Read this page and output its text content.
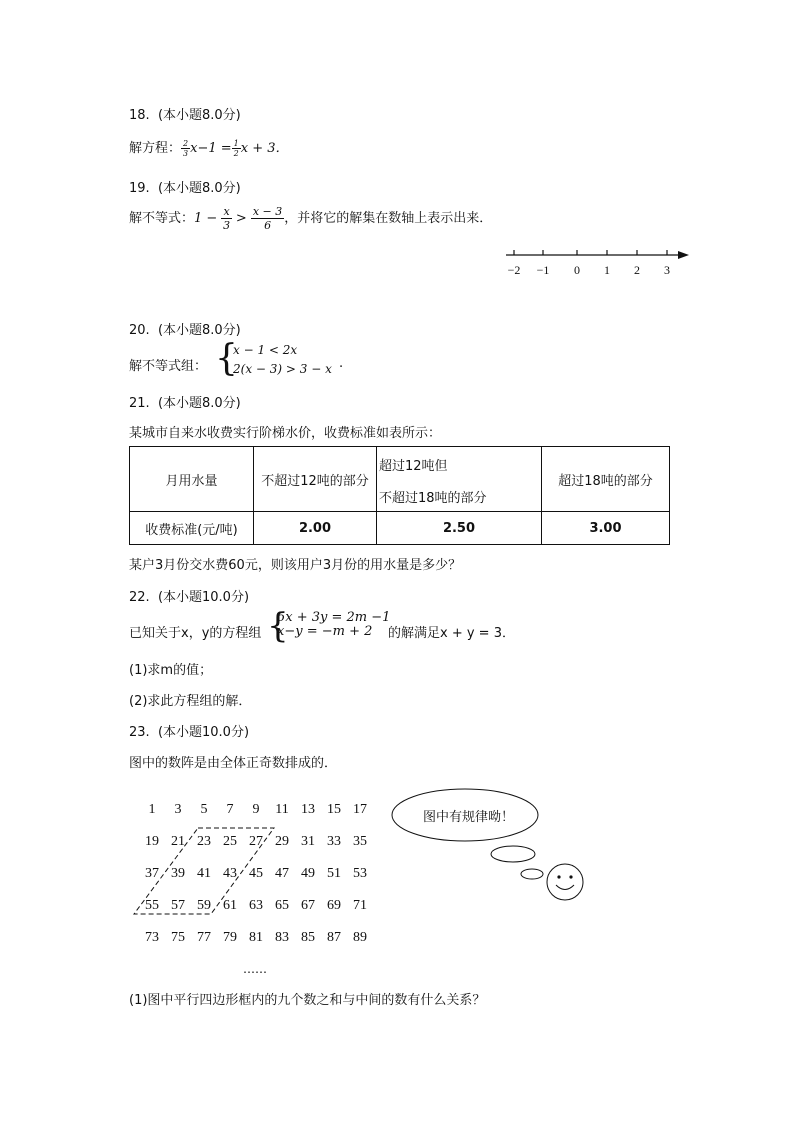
18.  (本小题8.0分)
解方程： $\frac{2}{3} x-1 = \frac{1}{2}$ x + 3．
19.  (本小题8.0分)
解不等式：$1 - \frac{x}{3} > \frac{x - 3}{6}$ ，并将它的解集在数轴上表示出来．
−2 −1 0 1 2 3
20.  (本小题8.0分)
解不等式组： {
x − 1 < 2x
2(x − 3) > 3 − x .
21.  (本小题8.0分)
某城市自来水收费实行阶梯水价，收费标准如表所示：
月用水量	不超过12吨的部分	超过12吨但
不超过18吨的部分	超过18吨的部分
收费标准(元/吨)	2.00	2.50	3.00
某户3月份交水费60元，则该用户3月份的用水量是多少？
22.  (本小题10.0分)
已知关于x，y的方程组 {
5x + 3y = 2m −1
x−y = −m + 2 的解满足x + y = 3．
(1)求m的值；
(2)求此方程组的解．
23.  (本小题10.0分)
图中的数阵是由全体正奇数排成的．
1	3	5	7	9	11 13 15 17
19 21 23 25 27 29 31 33 35
37 39 41 43 45 47 49 51 53
55 57 59 61 63 65 67 69 71
73 75 77 79 81 83 85 87 89
……
图中有规律呦！
(1)图中平行四边形框内的九个数之和与中间的数有什么关系？
